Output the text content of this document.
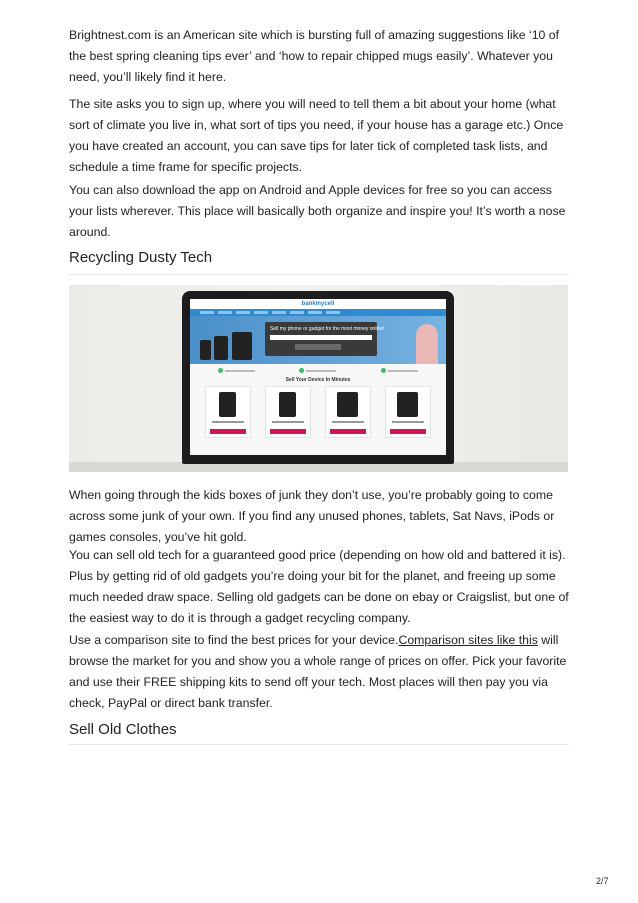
Brightnest.com is an American site which is bursting full of amazing suggestions like ‘10 of the best spring cleaning tips ever’ and ‘how to repair chipped mugs easily’. Whatever you need, you’ll likely find it here.

The site asks you to sign up, where you will need to tell them a bit about your home (what sort of climate you live in, what sort of tips you need, if your house has a garage etc.) Once you have created an account, you can save tips for later tick of completed task lists, and schedule a time frame for specific projects.

You can also download the app on Android and Apple devices for free so you can access your lists wherever. This place will basically both organize and inspire you! It’s worth a nose around.

Recycling Dusty Tech
bankmycell
Sell my phone or gadget for the most money online!
Sell Your Device In Minutes

When going through the kids boxes of junk they don’t use, you’re probably going to come across some junk of your own. If you find any unused phones, tablets, Sat Navs, iPods or games consoles, you’ve hit gold.

You can sell old tech for a guaranteed good price (depending on how old and battered it is). Plus by getting rid of old gadgets you’re doing your bit for the planet, and freeing up some much needed draw space. Selling old gadgets can be done on ebay or Craigslist, but one of the easiest way to do it is through a gadget recycling company.

Use a comparison site to find the best prices for your device.Comparison sites like this will browse the market for you and show you a whole range of prices on offer. Pick your favorite and use their FREE shipping kits to send off your tech. Most places will then pay you via check, PayPal or direct bank transfer.

Sell Old Clothes
2/7
